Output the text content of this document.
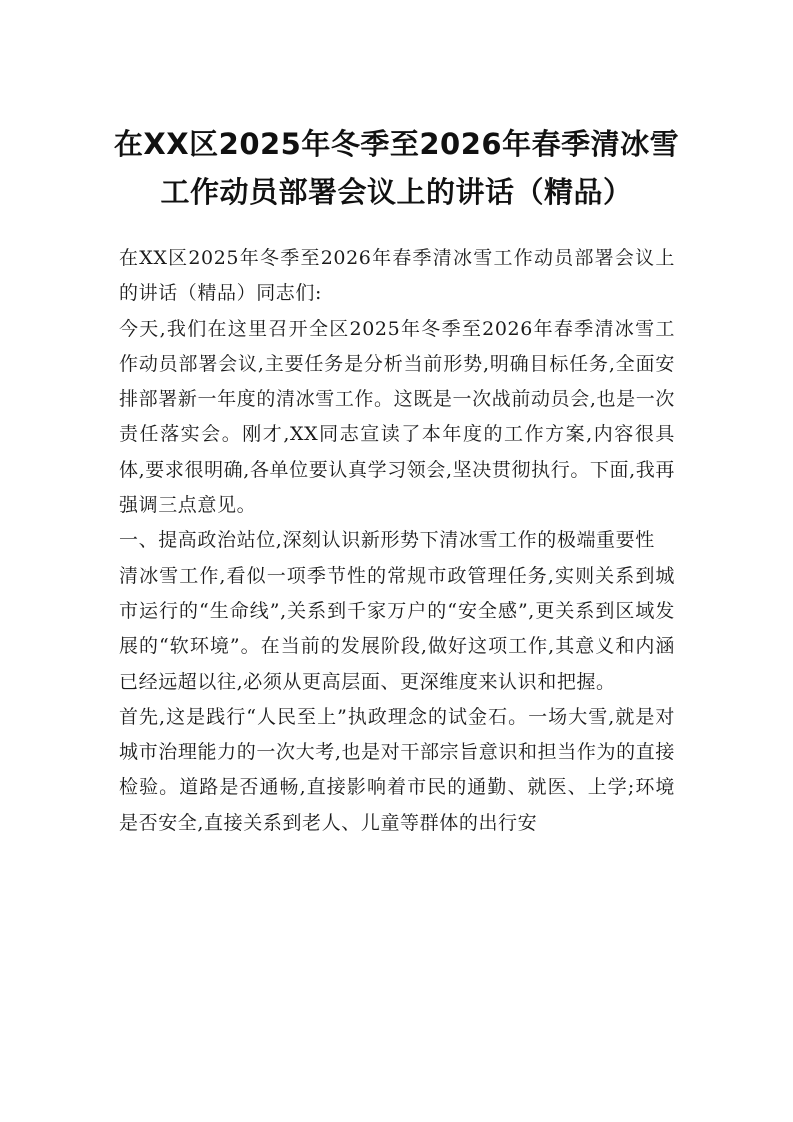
在XX区2025年冬季至2026年春季清冰雪
工作动员部署会议上的讲话（精品）

在XX区2025年冬季至2026年春季清冰雪工作动员部署会议上的讲话（精品）同志们:

今天,我们在这里召开全区2025年冬季至2026年春季清冰雪工作动员部署会议,主要任务是分析当前形势,明确目标任务,全面安排部署新一年度的清冰雪工作。这既是一次战前动员会,也是一次责任落实会。刚才,XX同志宣读了本年度的工作方案,内容很具体,要求很明确,各单位要认真学习领会,坚决贯彻执行。下面,我再强调三点意见。

一、提高政治站位,深刻认识新形势下清冰雪工作的极端重要性

清冰雪工作,看似一项季节性的常规市政管理任务,实则关系到城市运行的“生命线”,关系到千家万户的“安全感”,更关系到区域发展的“软环境”。在当前的发展阶段,做好这项工作,其意义和内涵已经远超以往,必须从更高层面、更深维度来认识和把握。

首先,这是践行“人民至上”执政理念的试金石。一场大雪,就是对城市治理能力的一次大考,也是对干部宗旨意识和担当作为的直接检验。道路是否通畅,直接影响着市民的通勤、就医、上学;环境是否安全,直接关系到老人、儿童等群体的出行安
